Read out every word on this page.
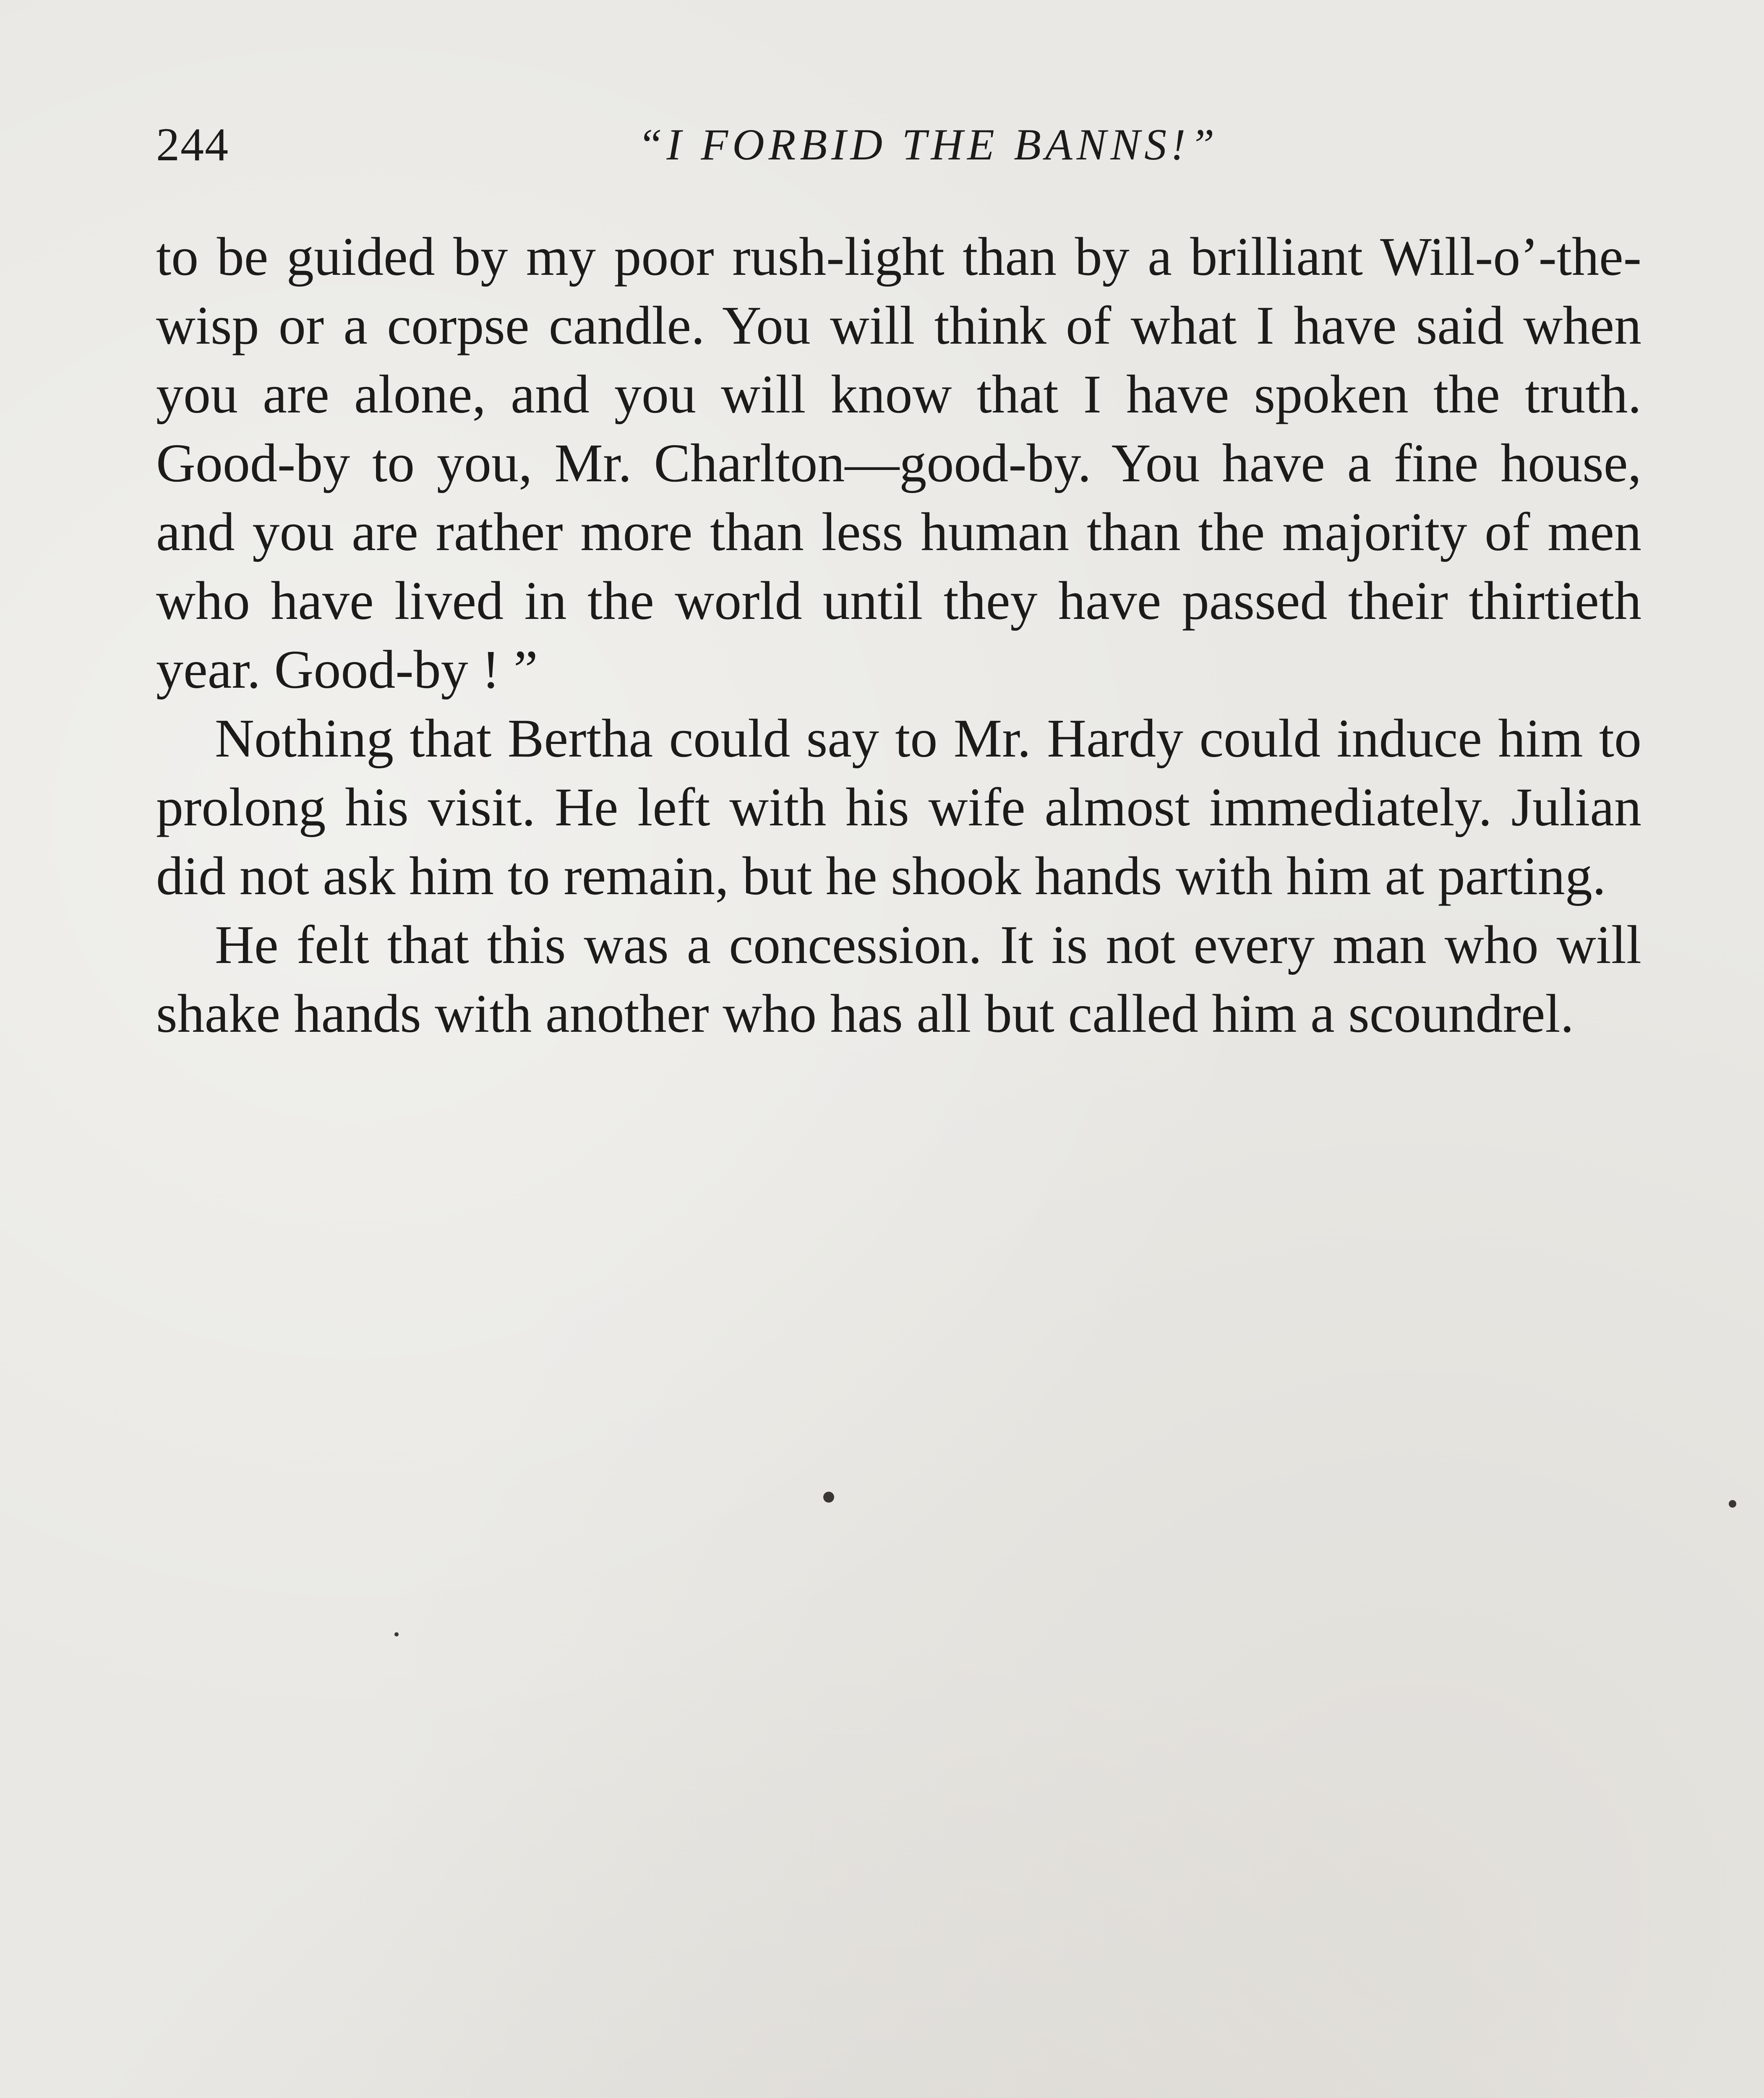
244	“I FORBID THE BANNS!”

to be guided by my poor rush-light than by a brilliant Will-o’-the-wisp or a corpse candle. You will think of what I have said when you are alone, and you will know that I have spoken the truth. Good-by to you, Mr. Charlton—good-by. You have a fine house, and you are rather more than less human than the majority of men who have lived in the world until they have passed their thirtieth year. Good-by ! ”

Nothing that Bertha could say to Mr. Hardy could induce him to prolong his visit. He left with his wife almost immediately. Julian did not ask him to remain, but he shook hands with him at parting.

He felt that this was a concession. It is not every man who will shake hands with another who has all but called him a scoundrel.
